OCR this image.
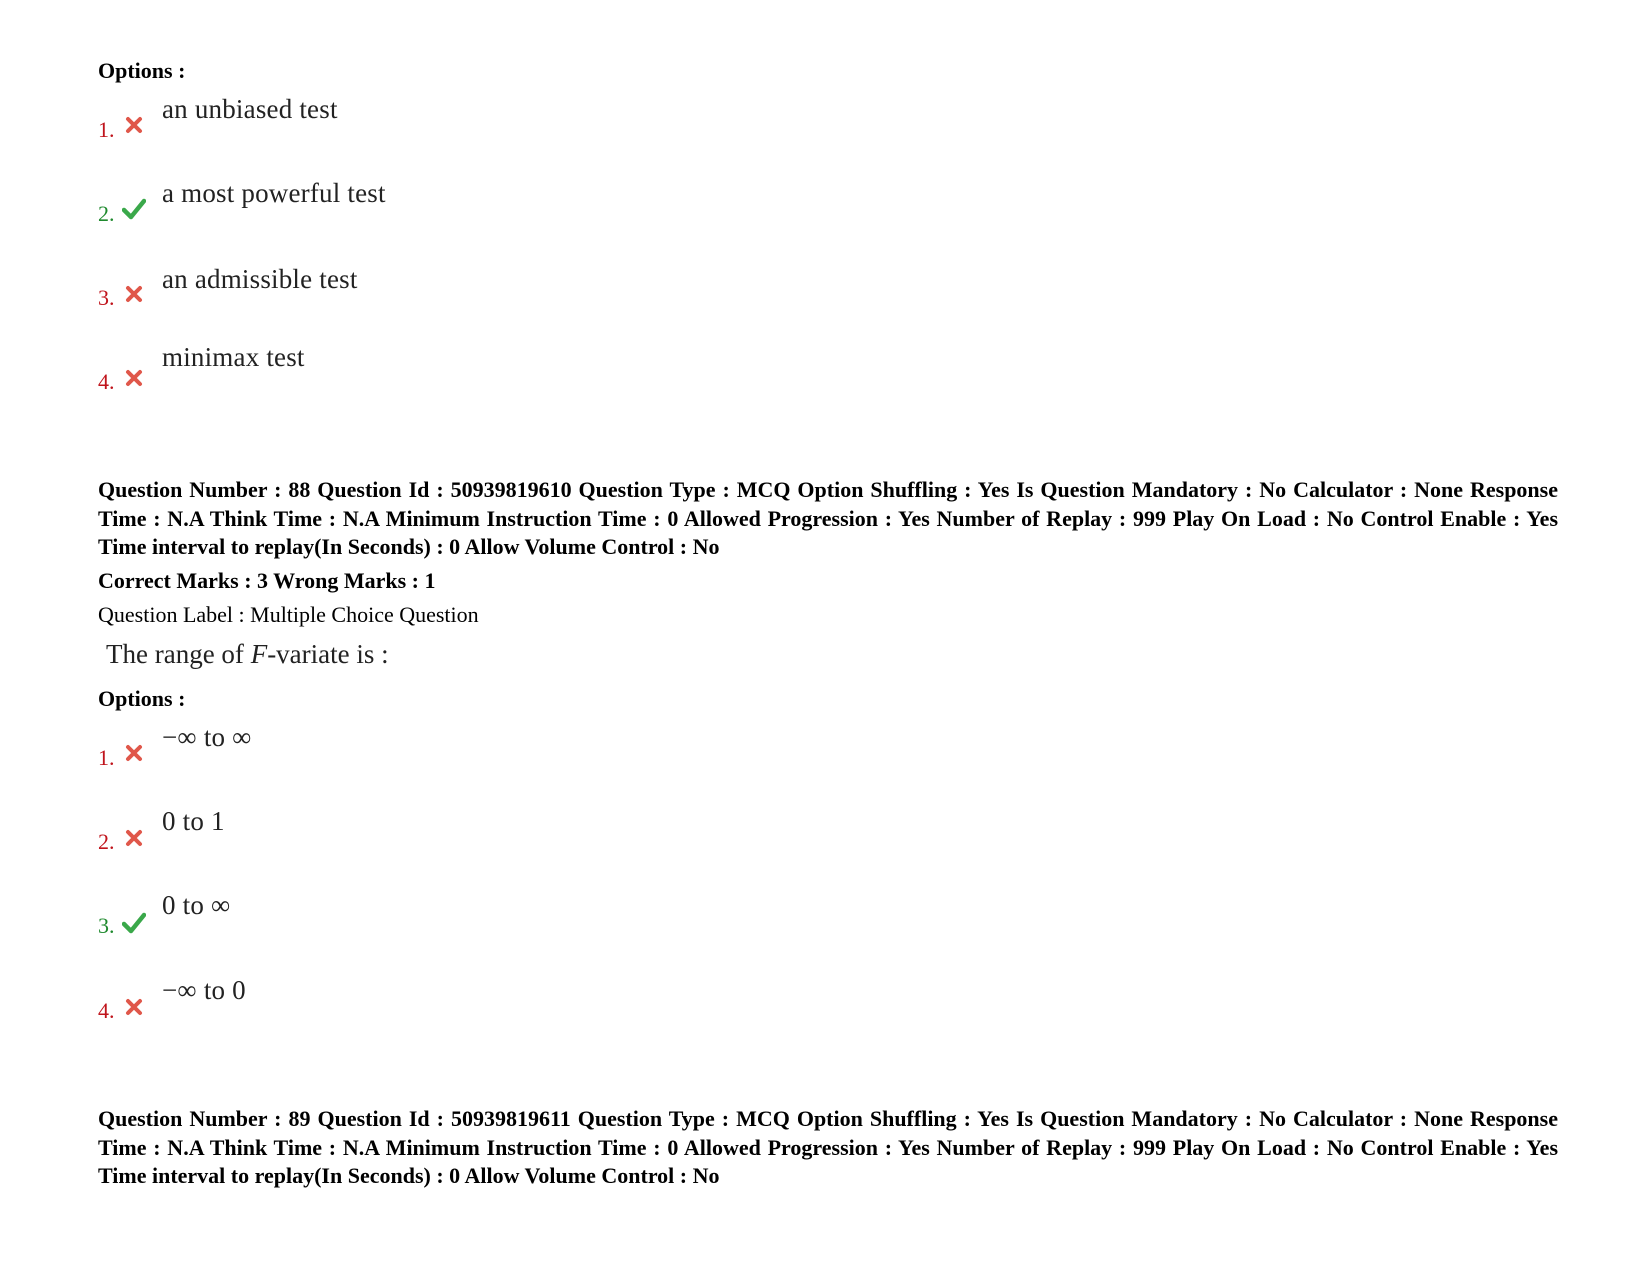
Options :
1.
an unbiased test
2.
a most powerful test
3.
an admissible test
4.
minimax test
Question Number : 88 Question Id : 50939819610 Question Type : MCQ Option Shuffling : Yes Is Question Mandatory : No Calculator : None Response Time : N.A Think Time : N.A Minimum Instruction Time : 0 Allowed Progression : Yes Number of Replay : 999 Play On Load : No Control Enable : Yes Time interval to replay(In Seconds) : 0 Allow Volume Control : No
Correct Marks : 3 Wrong Marks : 1
Question Label : Multiple Choice Question
The range of F-variate is :
Options :
1.
−∞ to ∞
2.
0 to 1
3.
0 to ∞
4.
−∞ to 0
Question Number : 89 Question Id : 50939819611 Question Type : MCQ Option Shuffling : Yes Is Question Mandatory : No Calculator : None Response Time : N.A Think Time : N.A Minimum Instruction Time : 0 Allowed Progression : Yes Number of Replay : 999 Play On Load : No Control Enable : Yes Time interval to replay(In Seconds) : 0 Allow Volume Control : No
